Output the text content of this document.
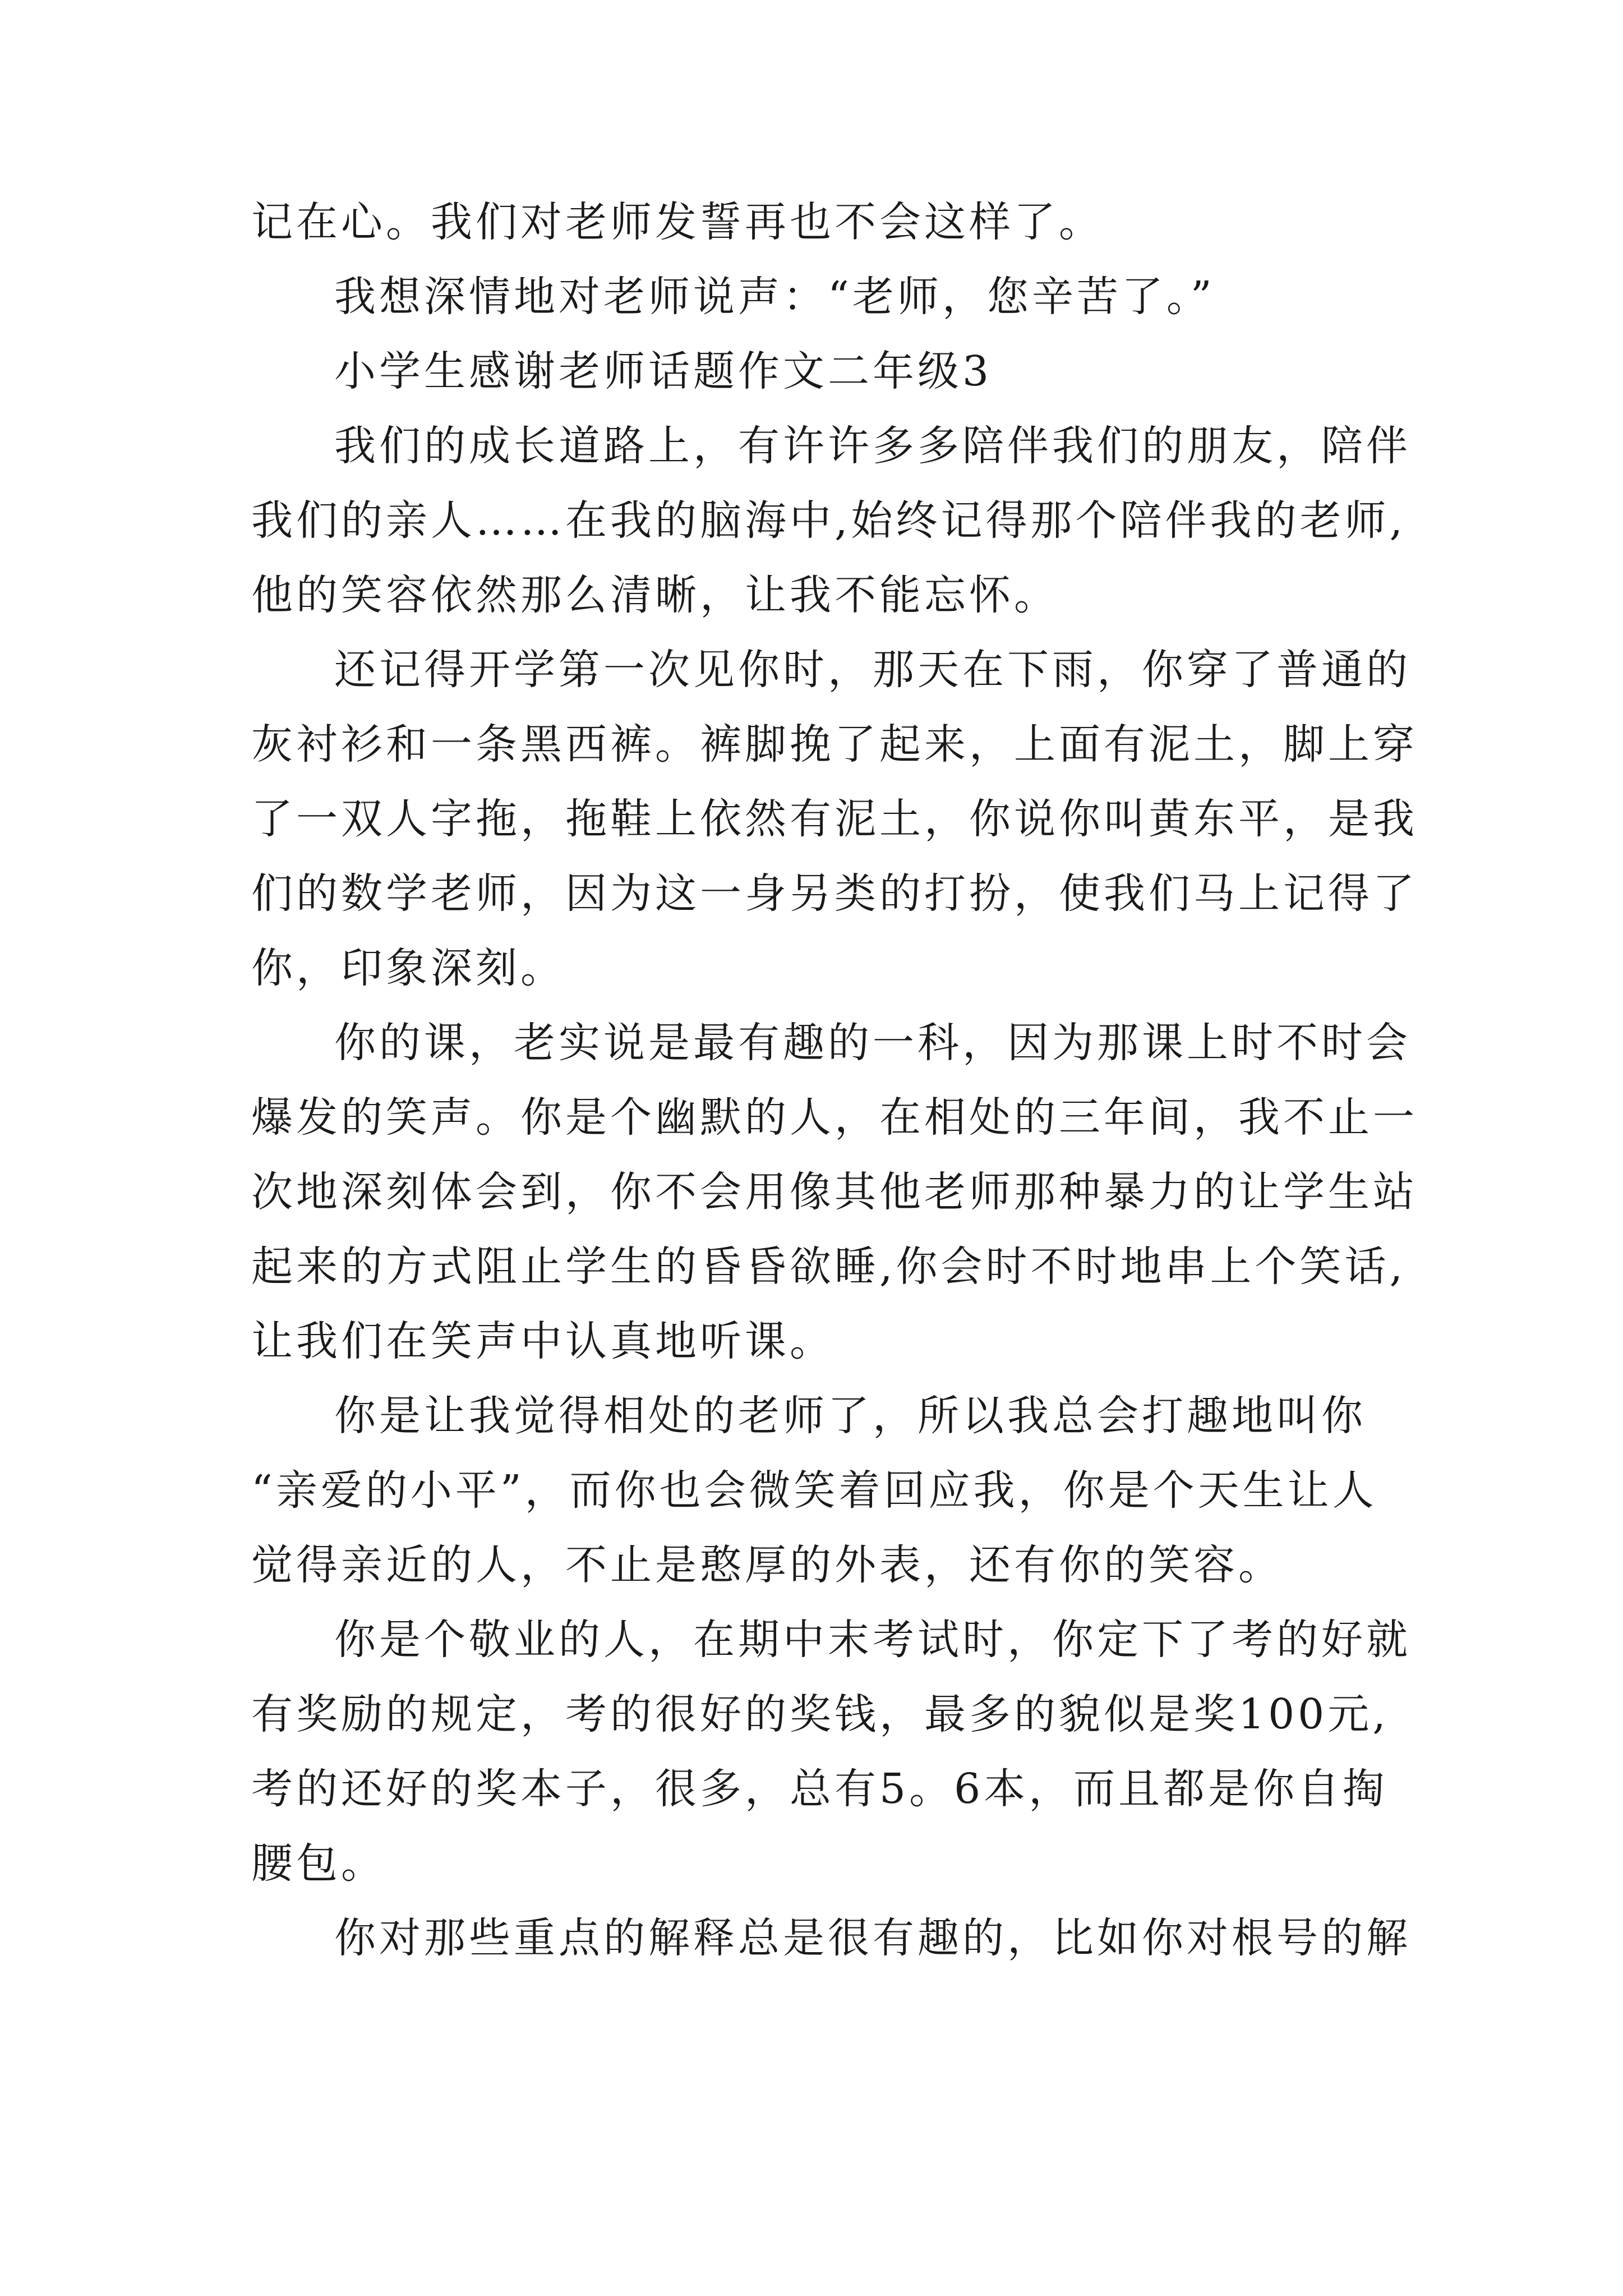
记在心。我们对老师发誓再也不会这样了。
我想深情地对老师说声：“老师，您辛苦了。”
小学生感谢老师话题作文二年级3
我们的成长道路上，有许许多多陪伴我们的朋友，陪伴
我们的亲人……在我的脑海中,始终记得那个陪伴我的老师,
他的笑容依然那么清晰，让我不能忘怀。
还记得开学第一次见你时，那天在下雨，你穿了普通的
灰衬衫和一条黑西裤。裤脚挽了起来，上面有泥土，脚上穿
了一双人字拖，拖鞋上依然有泥土，你说你叫黄东平，是我
们的数学老师，因为这一身另类的打扮，使我们马上记得了
你，印象深刻。
你的课，老实说是最有趣的一科，因为那课上时不时会
爆发的笑声。你是个幽默的人，在相处的三年间，我不止一
次地深刻体会到，你不会用像其他老师那种暴力的让学生站
起来的方式阻止学生的昏昏欲睡,你会时不时地串上个笑话,
让我们在笑声中认真地听课。
你是让我觉得相处的老师了，所以我总会打趣地叫你
“亲爱的小平”，而你也会微笑着回应我，你是个天生让人
觉得亲近的人，不止是憨厚的外表，还有你的笑容。
你是个敬业的人，在期中末考试时，你定下了考的好就
有奖励的规定，考的很好的奖钱，最多的貌似是奖100元,
考的还好的奖本子，很多，总有5。6本，而且都是你自掏
腰包。
你对那些重点的解释总是很有趣的，比如你对根号的解
